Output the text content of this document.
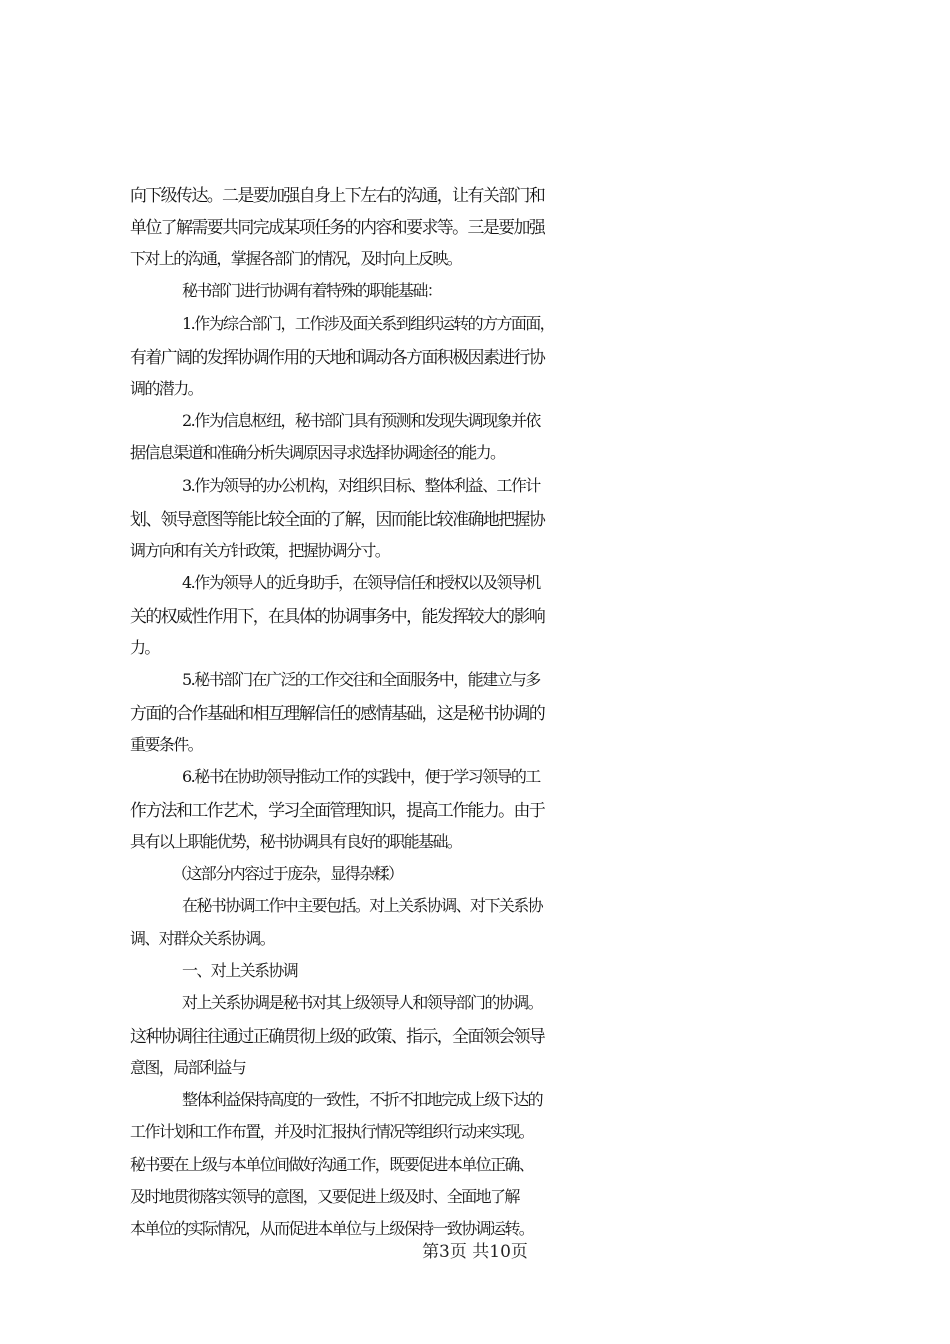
向下级传达。二是要加强自身上下左右的沟通，让有关部门和
单位了解需要共同完成某项任务的内容和要求等。三是要加强
下对上的沟通，掌握各部门的情况，及时向上反映。
秘书部门进行协调有着特殊的职能基础：
1.作为综合部门，工作涉及面关系到组织运转的方方面面，
有着广阔的发挥协调作用的天地和调动各方面积极因素进行协
调的潜力。
2.作为信息枢纽，秘书部门具有预测和发现失调现象并依
据信息渠道和准确分析失调原因寻求选择协调途径的能力。
3.作为领导的办公机构，对组织目标、整体利益、工作计
划、领导意图等能比较全面的了解，因而能比较准确地把握协
调方向和有关方针政策，把握协调分寸。
4.作为领导人的近身助手，在领导信任和授权以及领导机
关的权威性作用下，在具体的协调事务中，能发挥较大的影响
力。
5.秘书部门在广泛的工作交往和全面服务中，能建立与多
方面的合作基础和相互理解信任的感情基础，这是秘书协调的
重要条件。
6.秘书在协助领导推动工作的实践中，便于学习领导的工
作方法和工作艺术，学习全面管理知识，提高工作能力。由于
具有以上职能优势，秘书协调具有良好的职能基础。
（这部分内容过于庞杂，显得杂糅）
在秘书协调工作中主要包括。对上关系协调、对下关系协
调、对群众关系协调。
一、对上关系协调
对上关系协调是秘书对其上级领导人和领导部门的协调。
这种协调往往通过正确贯彻上级的政策、指示，全面领会领导
意图，局部利益与
整体利益保持高度的一致性，不折不扣地完成上级下达的
工作计划和工作布置，并及时汇报执行情况等组织行动来实现。
秘书要在上级与本单位间做好沟通工作，既要促进本单位正确、
及时地贯彻落实领导的意图，又要促进上级及时、全面地了解
本单位的实际情况，从而促进本单位与上级保持一致协调运转。
第3页 共10页
